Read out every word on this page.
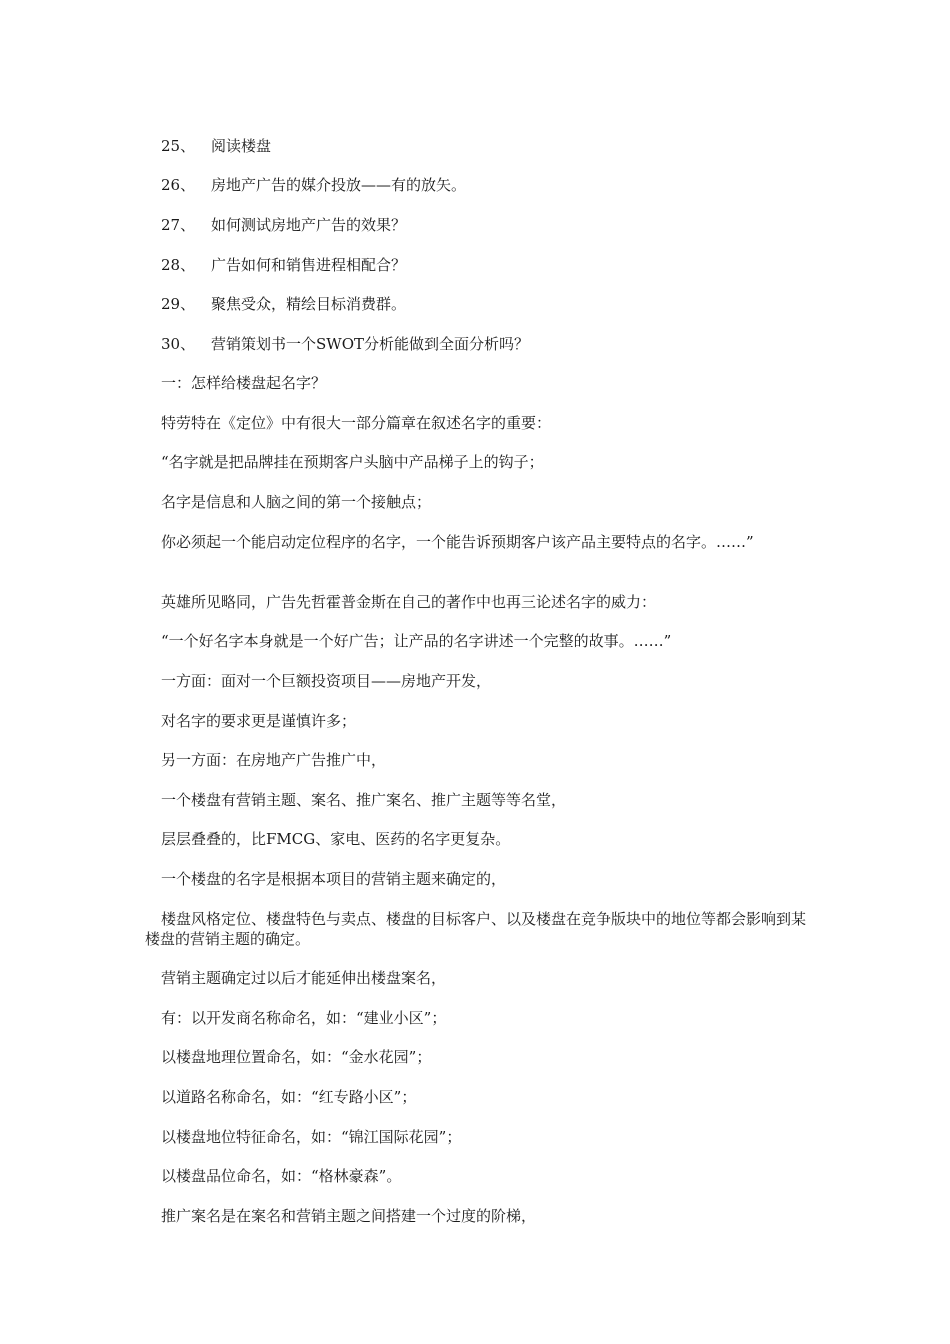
25、 阅读楼盘
26、 房地产广告的媒介投放——有的放矢。
27、 如何测试房地产广告的效果？
28、 广告如何和销售进程相配合？
29、 聚焦受众，精绘目标消费群。
30、 营销策划书一个SWOT分析能做到全面分析吗？
一：怎样给楼盘起名字？
特劳特在《定位》中有很大一部分篇章在叙述名字的重要：
“名字就是把品牌挂在预期客户头脑中产品梯子上的钩子；
名字是信息和人脑之间的第一个接触点；
你必须起一个能启动定位程序的名字，一个能告诉预期客户该产品主要特点的名字。……”
英雄所见略同，广告先哲霍普金斯在自己的著作中也再三论述名字的威力：
“一个好名字本身就是一个好广告；让产品的名字讲述一个完整的故事。……”
一方面：面对一个巨额投资项目——房地产开发，
对名字的要求更是谨慎许多；
另一方面：在房地产广告推广中，
一个楼盘有营销主题、案名、推广案名、推广主题等等名堂，
层层叠叠的，比FMCG、家电、医药的名字更复杂。
一个楼盘的名字是根据本项目的营销主题来确定的，
楼盘风格定位、楼盘特色与卖点、楼盘的目标客户、以及楼盘在竞争版块中的地位等都会影响到某楼盘的营销主题的确定。
营销主题确定过以后才能延伸出楼盘案名，
有：以开发商名称命名，如：“建业小区”；
以楼盘地理位置命名，如：“金水花园”；
以道路名称命名，如：“红专路小区”；
以楼盘地位特征命名，如：“锦江国际花园”；
以楼盘品位命名，如：“格林豪森”。
推广案名是在案名和营销主题之间搭建一个过度的阶梯，
